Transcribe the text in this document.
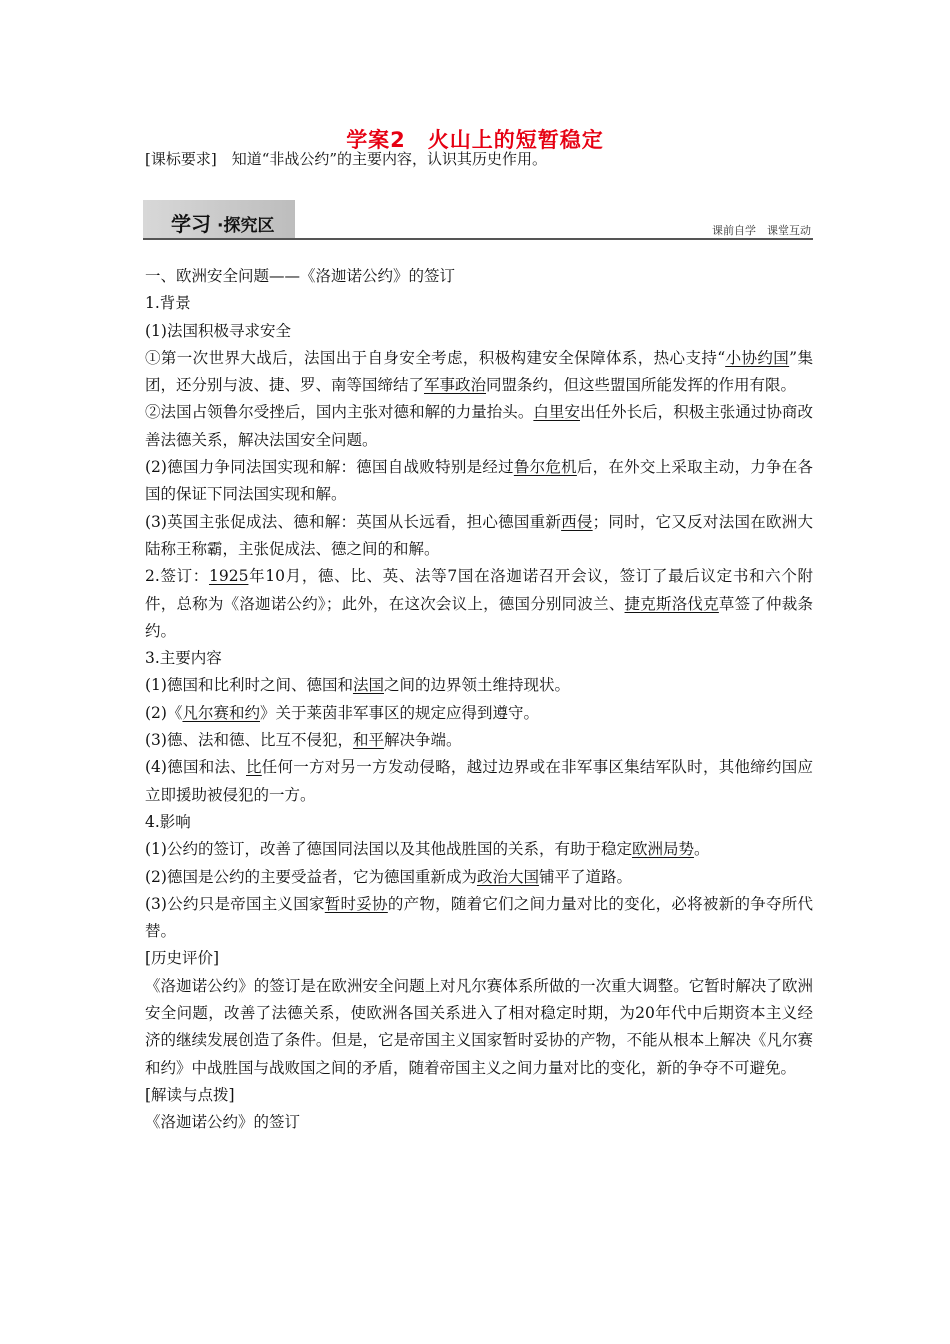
学案2　火山上的短暂稳定
[课标要求]　知道“非战公约”的主要内容，认识其历史作用。
学习 ·探究区	课前自学　课堂互动

一、欧洲安全问题——《洛迦诺公约》的签订

1.背景

(1)法国积极寻求安全

①第一次世界大战后，法国出于自身安全考虑，积极构建安全保障体系，热心支持“小协约国”集团，还分别与波、捷、罗、南等国缔结了军事政治同盟条约，但这些盟国所能发挥的作用有限。

②法国占领鲁尔受挫后，国内主张对德和解的力量抬头。白里安出任外长后，积极主张通过协商改善法德关系，解决法国安全问题。

(2)德国力争同法国实现和解：德国自战败特别是经过鲁尔危机后，在外交上采取主动，力争在各国的保证下同法国实现和解。

(3)英国主张促成法、德和解：英国从长远看，担心德国重新西侵；同时，它又反对法国在欧洲大陆称王称霸，主张促成法、德之间的和解。

2.签订：1925年10月，德、比、英、法等7国在洛迦诺召开会议，签订了最后议定书和六个附件，总称为《洛迦诺公约》；此外，在这次会议上，德国分别同波兰、捷克斯洛伐克草签了仲裁条约。

3.主要内容

(1)德国和比利时之间、德国和法国之间的边界领土维持现状。

(2)《凡尔赛和约》关于莱茵非军事区的规定应得到遵守。

(3)德、法和德、比互不侵犯，和平解决争端。

(4)德国和法、比任何一方对另一方发动侵略，越过边界或在非军事区集结军队时，其他缔约国应立即援助被侵犯的一方。

4.影响

(1)公约的签订，改善了德国同法国以及其他战胜国的关系，有助于稳定欧洲局势。

(2)德国是公约的主要受益者，它为德国重新成为政治大国铺平了道路。

(3)公约只是帝国主义国家暂时妥协的产物，随着它们之间力量对比的变化，必将被新的争夺所代替。

[历史评价]

《洛迦诺公约》的签订是在欧洲安全问题上对凡尔赛体系所做的一次重大调整。它暂时解决了欧洲安全问题，改善了法德关系，使欧洲各国关系进入了相对稳定时期，为20年代中后期资本主义经济的继续发展创造了条件。但是，它是帝国主义国家暂时妥协的产物，不能从根本上解决《凡尔赛和约》中战胜国与战败国之间的矛盾，随着帝国主义之间力量对比的变化，新的争夺不可避免。

[解读与点拨]

《洛迦诺公约》的签订
